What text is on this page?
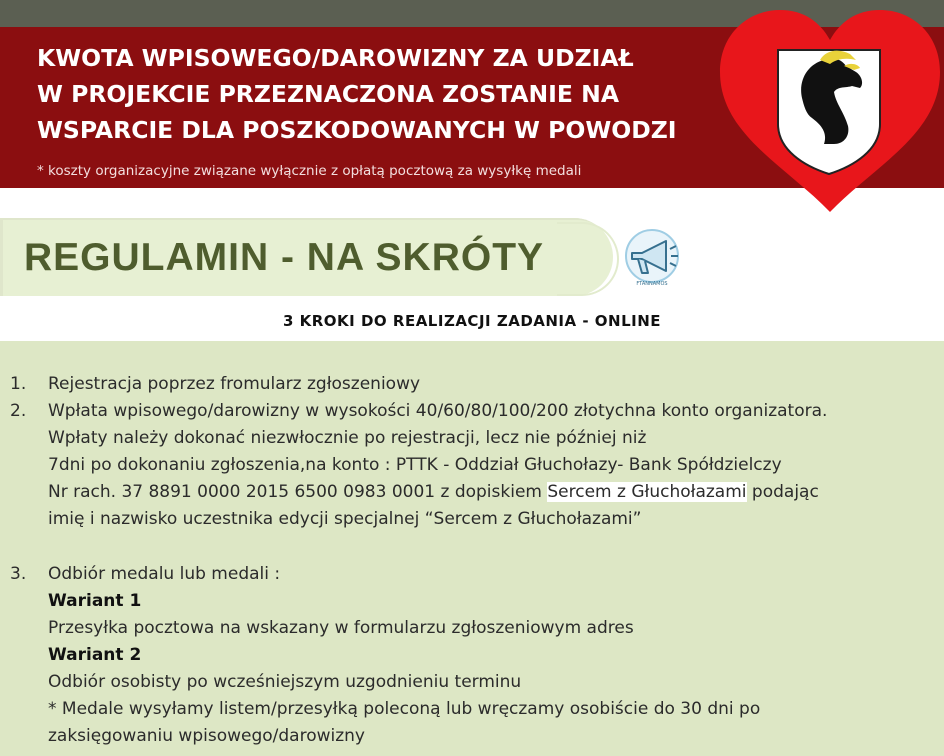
KWOTA WPISOWEGO/DAROWIZNY ZA UDZIAŁ
W PROJEKCIE PRZEZNACZONA ZOSTANIE NA
WSPARCIE DLA POSZKODOWANYCH W POWODZI
* koszty organizacyjne związane wyłącznie z opłatą pocztową za wysyłkę medali
REGULAMIN - NA SKRÓTY
FTANNAMOS
3 KROKI DO REALIZACJI ZADANIA - ONLINE
1. Rejestracja poprzez fromularz zgłoszeniowy
2. Wpłata wpisowego/darowizny w wysokości 40/60/80/100/200 złotychna konto organizatora.
Wpłaty należy dokonać niezwłocznie po rejestracji, lecz nie później niż
7dni po dokonaniu zgłoszenia,na konto : PTTK - Oddział Głuchołazy- Bank Spółdzielczy
Nr rach. 37 8891 0000 2015 6500 0983 0001 z dopiskiem Sercem z Głuchołazami podając
imię i nazwisko uczestnika edycji specjalnej “Sercem z Głuchołazami”
3. Odbiór medalu lub medali :
Wariant 1
Przesyłka pocztowa na wskazany w formularzu zgłoszeniowym adres
Wariant 2
Odbiór osobisty po wcześniejszym uzgodnieniu terminu
* Medale wysyłamy listem/przesyłką poleconą lub wręczamy osobiście do 30 dni po
zaksięgowaniu wpisowego/darowizny
